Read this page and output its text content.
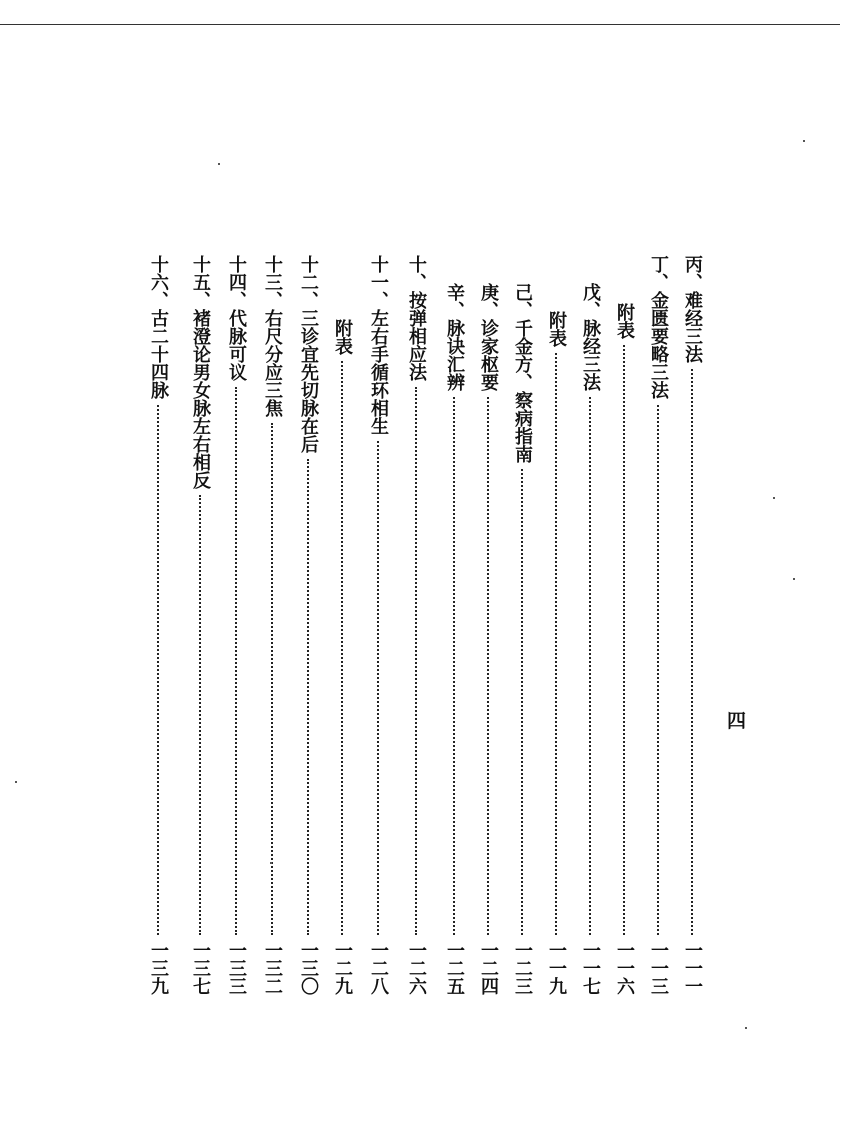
四
丙、
难经三法
一一一
丁、
金匮要略三法
一一三
附表
一一六
戊、
脉经三法
一一七
附表
一一九
己、
千金方、察病指南
一二三
庚、
诊家枢要
一二四
辛、
脉诀汇辨
一二五
十、
按弹相应法
一二六
十一、
左右手循环相生
一二八
附表
一二九
十二、
三诊宜先切脉在后
一三〇
十三、
右尺分应三焦
一三二
十四、
代脉可议
一三三
十五、
褚澄论男女脉左右相反
一三七
十六、
古二十四脉
一三九
